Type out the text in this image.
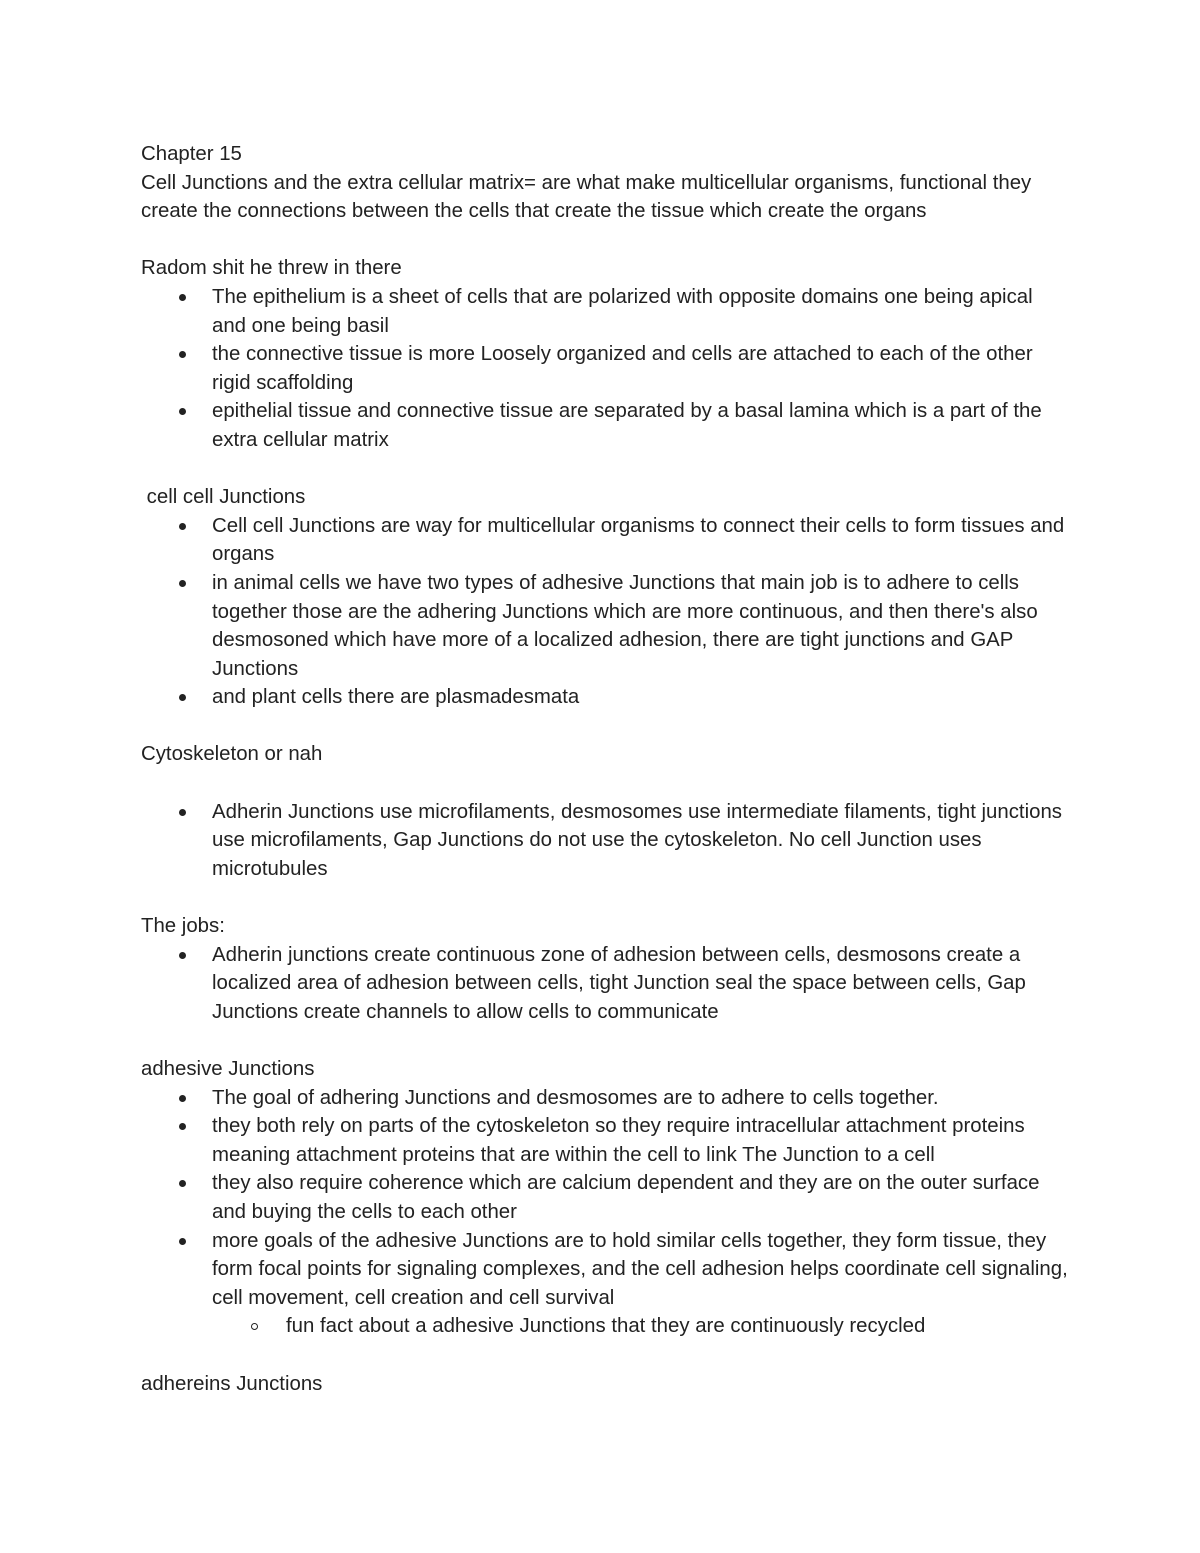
Chapter 15

Cell Junctions and the extra cellular matrix= are what make multicellular organisms, functional they create the connections between the cells that create the tissue which create the organs

Radom shit he threw in there

The epithelium is a sheet of cells that are polarized with opposite domains one being apical and one being basil
the connective tissue is more Loosely organized and cells are attached to each of the other rigid scaffolding
epithelial tissue and connective tissue are separated by a basal lamina which is a part of the extra cellular matrix

cell cell Junctions

Cell cell Junctions are way for multicellular organisms to connect their cells to form tissues and organs
in animal cells we have two types of adhesive Junctions that main job is to adhere to cells together those are the adhering Junctions which are more continuous, and then there's also desmosoned which have more of a localized adhesion, there are tight junctions and GAP Junctions
and plant cells there are plasmadesmata

Cytoskeleton or nah

Adherin Junctions use microfilaments, desmosomes use intermediate filaments, tight junctions use microfilaments, Gap Junctions do not use the cytoskeleton. No cell Junction uses microtubules

The jobs:

Adherin junctions create continuous zone of adhesion between cells, desmosons create a localized area of adhesion between cells, tight Junction seal the space between cells, Gap Junctions create channels to allow cells to communicate

adhesive Junctions

The goal of adhering Junctions and desmosomes are to adhere to cells together.
they both rely on parts of the cytoskeleton so they require intracellular attachment proteins meaning attachment proteins that are within the cell to link The Junction to a cell
they also require coherence which are calcium dependent and they are on the outer surface and buying the cells to each other
more goals of the adhesive Junctions are to hold similar cells together, they form tissue, they form focal points for signaling complexes, and the cell adhesion helps coordinate cell signaling, cell movement, cell creation and cell survival
fun fact about a adhesive Junctions that they are continuously recycled

adhereins Junctions
